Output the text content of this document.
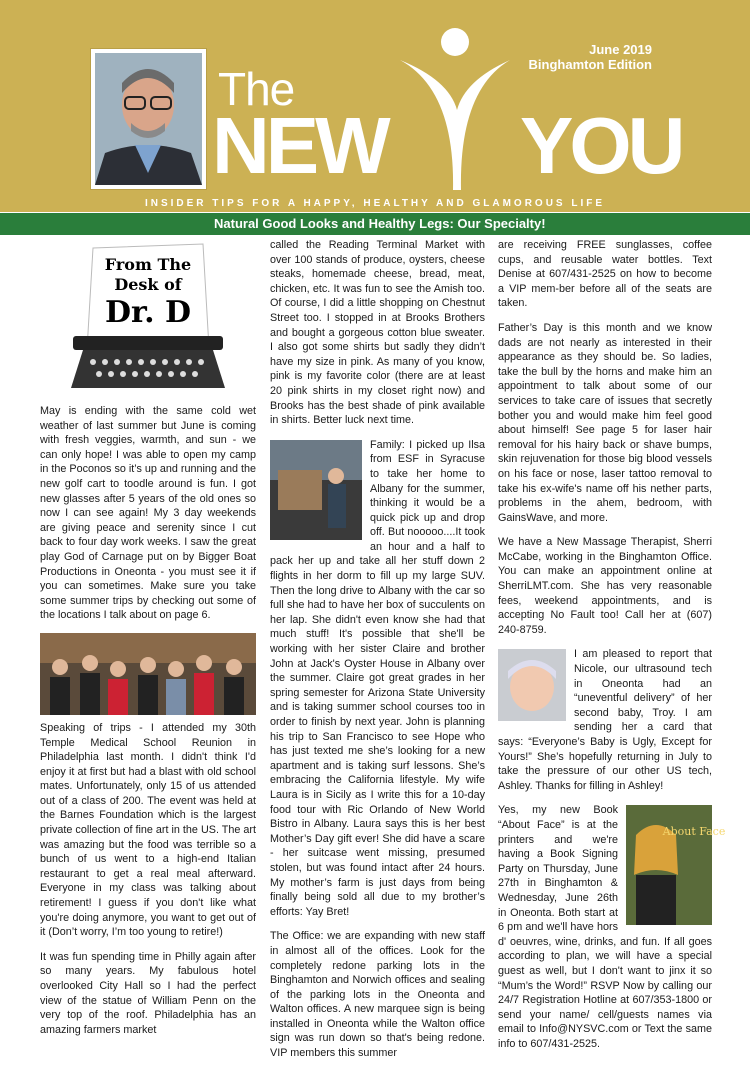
June 2019
Binghamton Edition
The
NEW YOU
INSIDER TIPS FOR A HAPPY, HEALTHY AND GLAMOROUS LIFE
Natural Good Looks and Healthy Legs: Our Specialty!
From The
Desk of
Dr. D

May is ending with the same cold wet weather of last summer but June is coming with fresh veggies, warmth, and sun - we can only hope! I was able to open my camp in the Poconos so it’s up and running and the new golf cart to toodle around is fun. I got new glasses after 5 years of the old ones so now I can see again! My 3 day weekends are giving peace and serenity since I cut back to four day work weeks. I saw the great play God of Carnage put on by Bigger Boat Productions in Oneonta - you must see it if you can sometimes. Make sure you take some summer trips by checking out some of the locations I talk about on page 6.

Speaking of trips - I attended my 30th Temple Medical School Reunion in Philadelphia last month. I didn't think I'd enjoy it at first but had a blast with old school mates. Unfortunately, only 15 of us attended out of a class of 200. The event was held at the Barnes Foundation which is the largest private collection of fine art in the US. The art was amazing but the food was terrible so a bunch of us went to a high-end Italian restaurant to get a real meal afterward. Everyone in my class was talking about retirement! I guess if you don't like what you're doing anymore, you want to get out of it (Don’t worry, I’m too young to retire!)

It was fun spending time in Philly again after so many years. My fabulous hotel overlooked City Hall so I had the perfect view of the statue of William Penn on the very top of the roof. Philadelphia has an amazing farmers market

called the Reading Terminal Market with over 100 stands of produce, oysters, cheese steaks, homemade cheese, bread, meat, chicken, etc. It was fun to see the Amish too. Of course, I did a little shopping on Chestnut Street too. I stopped in at Brooks Brothers and bought a gorgeous cotton blue sweater. I also got some shirts but sadly they didn’t have my size in pink. As many of you know, pink is my favorite color (there are at least 20 pink shirts in my closet right now) and Brooks has the best shade of pink available in shirts. Better luck next time.

Family: I picked up Ilsa from ESF in Syracuse to take her home to Albany for the summer, thinking it would be a quick pick up and drop off. But nooooo....It took an hour and a half to pack her up and take all her stuff down 2 flights in her dorm to fill up my large SUV. Then the long drive to Albany with the car so full she had to have her box of succulents on her lap. She didn't even know she had that much stuff! It's possible that she'll be working with her sister Claire and brother John at Jack's Oyster House in Albany over the summer. Claire got great grades in her spring semester for Arizona State University and is taking summer school courses too in order to finish by next year. John is planning his trip to San Francisco to see Hope who has just texted me she’s looking for a new apartment and is taking surf lessons. She’s embracing the California lifestyle. My wife Laura is in Sicily as I write this for a 10-day food tour with Ric Orlando of New World Bistro in Albany. Laura says this is her best Mother’s Day gift ever! She did have a scare - her suitcase went missing, presumed stolen, but was found intact after 24 hours. My mother’s farm is just days from being finally being sold all due to my brother’s efforts: Yay Bret!

The Office: we are expanding with new staff in almost all of the offices. Look for the completely redone parking lots in the Binghamton and Norwich offices and sealing of the parking lots in the Oneonta and Walton offices. A new marquee sign is being installed in Oneonta while the Walton office sign was run down so that's being redone. VIP members this summer

are receiving FREE sunglasses, coffee cups, and reusable water bottles. Text Denise at 607/431-2525 on how to become a VIP mem-ber before all of the seats are taken.

Father’s Day is this month and we know dads are not nearly as interested in their appearance as they should be. So ladies, take the bull by the horns and make him an appointment to talk about some of our services to take care of issues that secretly bother you and would make him feel good about himself! See page 5 for laser hair removal for his hairy back or shave bumps, skin rejuvenation for those big blood vessels on his face or nose, laser tattoo removal to take his ex-wife's name off his nether parts, problems in the ahem, bedroom, with GainsWave, and more.

We have a New Massage Therapist, Sherri McCabe, working in the Binghamton Office. You can make an appointment online at SherriLMT.com. She has very reasonable fees, weekend appointments, and is accepting No Fault too! Call her at (607) 240-8759.

I am pleased to report that Nicole, our ultrasound tech in Oneonta had an “uneventful delivery” of her second baby, Troy. I am sending her a card that says: “Everyone’s Baby is Ugly, Except for Yours!” She’s hopefully returning in July to take the pressure of our other US tech, Ashley. Thanks for filling in Ashley!

About Face

Yes, my new Book “About Face” is at the printers and we're having a Book Signing Party on Thursday, June 27th in Binghamton & Wednesday, June 26th in Oneonta. Both start at 6 pm and we'll have hors d' oeuvres, wine, drinks, and fun. If all goes according to plan, we will have a special guest as well, but I don't want to jinx it so “Mum’s the Word!” RSVP Now by calling our 24/7 Registration Hotline at 607/353-1800 or send your name/ cell/guests names via email to Info@NYSVC.com or Text the same info to 607/431-2525.
